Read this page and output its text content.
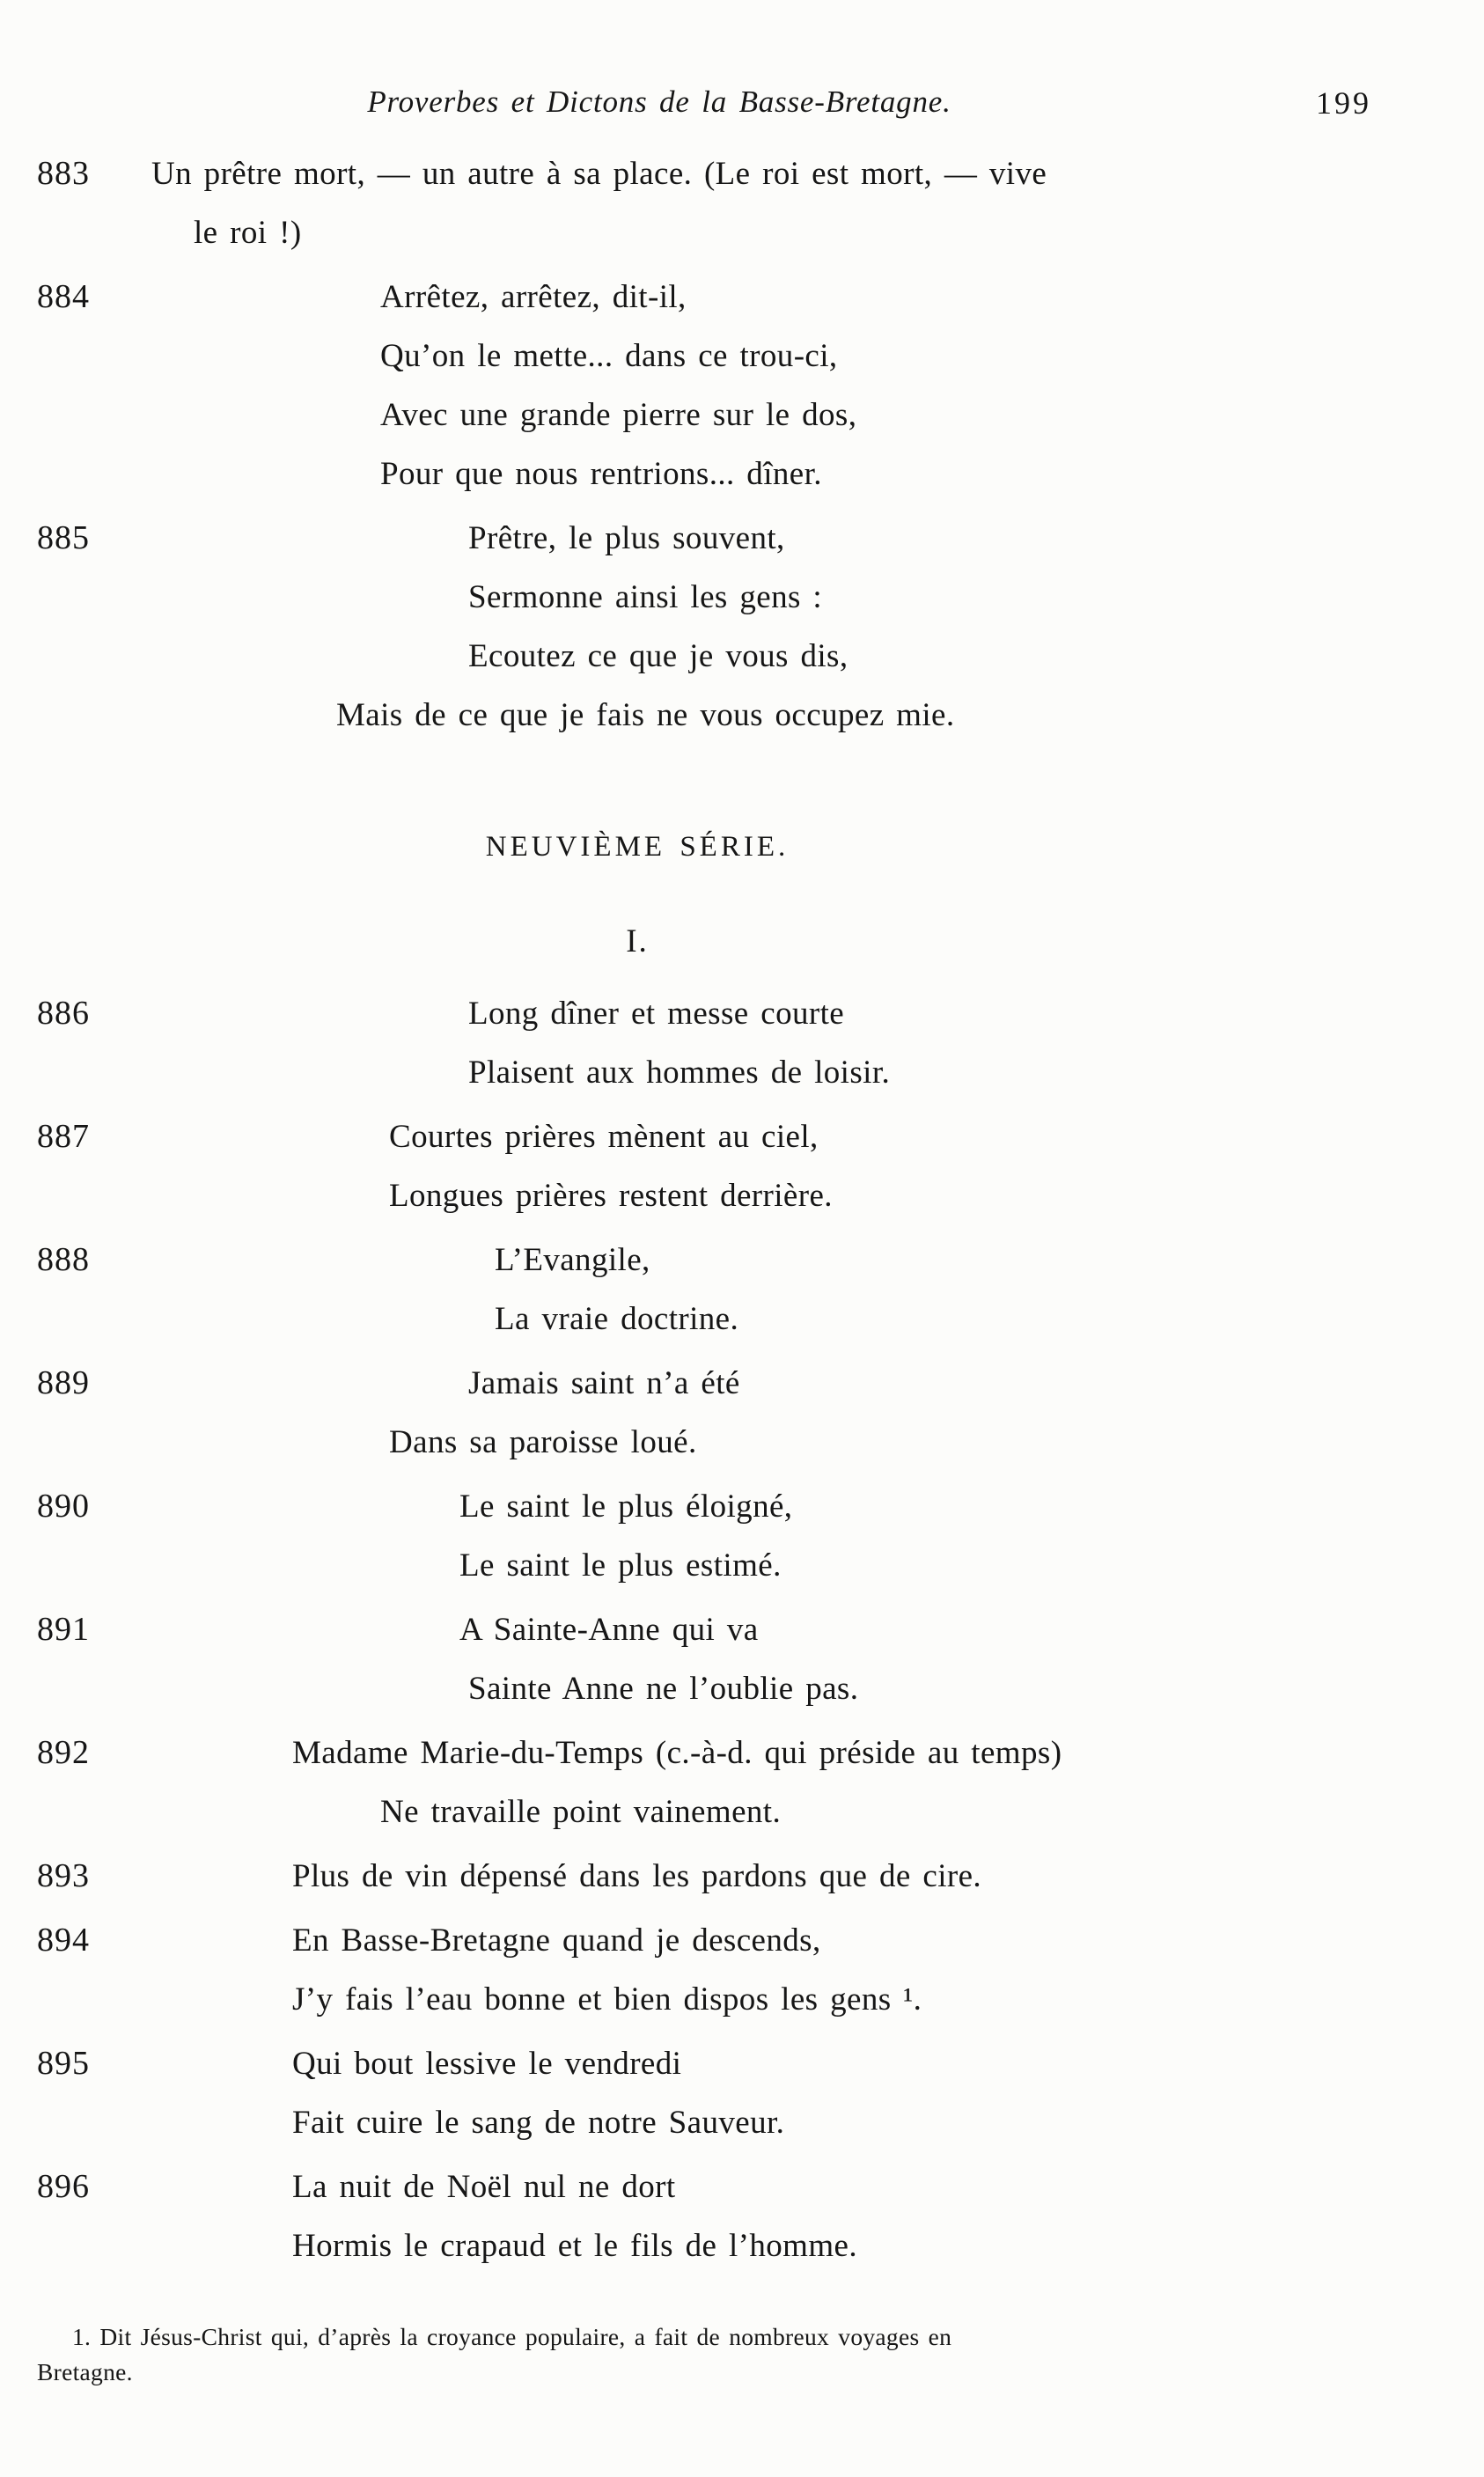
Proverbes et Dictons de la Basse-Bretagne.	199
883	Un prêtre mort, — un autre à sa place. (Le roi est mort, — vive
le roi !)
884	Arrêtez, arrêtez, dit-il,
Qu’on le mette... dans ce trou-ci,
Avec une grande pierre sur le dos,
Pour que nous rentrions... dîner.
885	Prêtre, le plus souvent,
Sermonne ainsi les gens :
Ecoutez ce que je vous dis,
Mais de ce que je fais ne vous occupez mie.
NEUVIÈME SÉRIE.
I.
886	Long dîner et messe courte
Plaisent aux hommes de loisir.
887	Courtes prières mènent au ciel,
Longues prières restent derrière.
888	L’Evangile,
La vraie doctrine.
889	Jamais saint n’a été
Dans sa paroisse loué.
890	Le saint le plus éloigné,
Le saint le plus estimé.
891	A Sainte-Anne qui va
Sainte Anne ne l’oublie pas.
892	Madame Marie-du-Temps (c.-à-d. qui préside au temps)
Ne travaille point vainement.
893	Plus de vin dépensé dans les pardons que de cire.
894	En Basse-Bretagne quand je descends,
J’y fais l’eau bonne et bien dispos les gens ¹.
895	Qui bout lessive le vendredi
Fait cuire le sang de notre Sauveur.
896	La nuit de Noël nul ne dort
Hormis le crapaud et le fils de l’homme.
1. Dit Jésus-Christ qui, d’après la croyance populaire, a fait de nombreux voyages en
Bretagne.
